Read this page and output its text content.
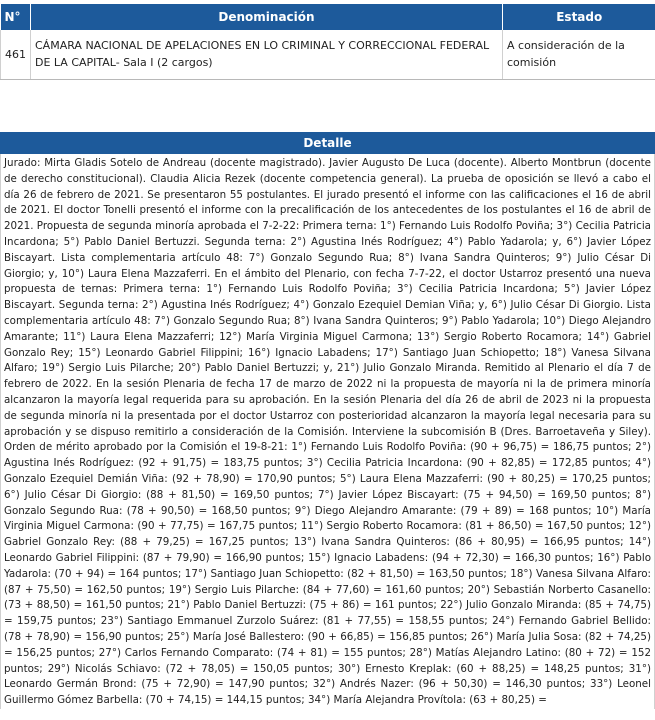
N°	Denominación	Estado
461	CÁMARA NACIONAL DE APELACIONES EN LO CRIMINAL Y CORRECCIONAL FEDERAL DE LA CAPITAL- Sala I (2 cargos)	A consideración de la comisión
Detalle
Jurado: Mirta Gladis Sotelo de Andreau (docente magistrado). Javier Augusto De Luca (docente). Alberto Montbrun (docente de derecho constitucional). Claudia Alicia Rezek (docente competencia general). La prueba de oposición se llevó a cabo el día 26 de febrero de 2021. Se presentaron 55 postulantes. El jurado presentó el informe con las calificaciones el 16 de abril de 2021. El doctor Tonelli presentó el informe con la precalificación de los antecedentes de los postulantes el 16 de abril de 2021. Propuesta de segunda minoría aprobada el 7-2-22: Primera terna: 1°) Fernando Luis Rodolfo Poviña; 3°) Cecilia Patricia Incardona; 5°) Pablo Daniel Bertuzzi. Segunda terna: 2°) Agustina Inés Rodríguez; 4°) Pablo Yadarola; y, 6°) Javier López Biscayart. Lista complementaria artículo 48: 7°) Gonzalo Segundo Rua; 8°) Ivana Sandra Quinteros; 9°) Julio César Di Giorgio; y, 10°) Laura Elena Mazzaferri. En el ámbito del Plenario, con fecha 7-7-22, el doctor Ustarroz presentó una nueva propuesta de ternas: Primera terna: 1°) Fernando Luis Rodolfo Poviña; 3°) Cecilia Patricia Incardona; 5°) Javier López Biscayart. Segunda terna: 2°) Agustina Inés Rodríguez; 4°) Gonzalo Ezequiel Demian Viña; y, 6°) Julio César Di Giorgio. Lista complementaria artículo 48: 7°) Gonzalo Segundo Rua; 8°) Ivana Sandra Quinteros; 9°) Pablo Yadarola; 10°) Diego Alejandro Amarante; 11°) Laura Elena Mazzaferri; 12°) María Virginia Miguel Carmona; 13°) Sergio Roberto Rocamora; 14°) Gabriel Gonzalo Rey; 15°) Leonardo Gabriel Filippini; 16°) Ignacio Labadens; 17°) Santiago Juan Schiopetto; 18°) Vanesa Silvana Alfaro; 19°) Sergio Luis Pilarche; 20°) Pablo Daniel Bertuzzi; y, 21°) Julio Gonzalo Miranda. Remitido al Plenario el día 7 de febrero de 2022. En la sesión Plenaria de fecha 17 de marzo de 2022 ni la propuesta de mayoría ni la de primera minoría alcanzaron la mayoría legal requerida para su aprobación. En la sesión Plenaria del día 26 de abril de 2023 ni la propuesta de segunda minoría ni la presentada por el doctor Ustarroz con posterioridad alcanzaron la mayoría legal necesaria para su aprobación y se dispuso remitirlo a consideración de la Comisión. Interviene la subcomisión B (Dres. Barroetaveña y Siley). Orden de mérito aprobado por la Comisión el 19-8-21: 1°) Fernando Luis Rodolfo Poviña: (90 + 96,75) = 186,75 puntos; 2°) Agustina Inés Rodríguez: (92 + 91,75) = 183,75 puntos; 3°) Cecilia Patricia Incardona: (90 + 82,85) = 172,85 puntos; 4°) Gonzalo Ezequiel Demián Viña: (92 + 78,90) = 170,90 puntos; 5°) Laura Elena Mazzaferri: (90 + 80,25) = 170,25 puntos; 6°) Julio César Di Giorgio: (88 + 81,50) = 169,50 puntos; 7°) Javier López Biscayart: (75 + 94,50) = 169,50 puntos; 8°) Gonzalo Segundo Rua: (78 + 90,50) = 168,50 puntos; 9°) Diego Alejandro Amarante: (79 + 89) = 168 puntos; 10°) María Virginia Miguel Carmona: (90 + 77,75) = 167,75 puntos; 11°) Sergio Roberto Rocamora: (81 + 86,50) = 167,50 puntos; 12°) Gabriel Gonzalo Rey: (88 + 79,25) = 167,25 puntos; 13°) Ivana Sandra Quinteros: (86 + 80,95) = 166,95 puntos; 14°) Leonardo Gabriel Filippini: (87 + 79,90) = 166,90 puntos; 15°) Ignacio Labadens: (94 + 72,30) = 166,30 puntos; 16°) Pablo Yadarola: (70 + 94) = 164 puntos; 17°) Santiago Juan Schiopetto: (82 + 81,50) = 163,50 puntos; 18°) Vanesa Silvana Alfaro: (87 + 75,50) = 162,50 puntos; 19°) Sergio Luis Pilarche: (84 + 77,60) = 161,60 puntos; 20°) Sebastián Norberto Casanello: (73 + 88,50) = 161,50 puntos; 21°) Pablo Daniel Bertuzzi: (75 + 86) = 161 puntos; 22°) Julio Gonzalo Miranda: (85 + 74,75) = 159,75 puntos; 23°) Santiago Emmanuel Zurzolo Suárez: (81 + 77,55) = 158,55 puntos; 24°) Fernando Gabriel Bellido: (78 + 78,90) = 156,90 puntos; 25°) María José Ballestero: (90 + 66,85) = 156,85 puntos; 26°) María Julia Sosa: (82 + 74,25) = 156,25 puntos; 27°) Carlos Fernando Comparato: (74 + 81) = 155 puntos; 28°) Matías Alejandro Latino: (80 + 72) = 152 puntos; 29°) Nicolás Schiavo: (72 + 78,05) = 150,05 puntos; 30°) Ernesto Kreplak: (60 + 88,25) = 148,25 puntos; 31°) Leonardo Germán Brond: (75 + 72,90) = 147,90 puntos; 32°) Andrés Nazer: (96 + 50,30) = 146,30 puntos; 33°) Leonel Guillermo Gómez Barbella: (70 + 74,15) = 144,15 puntos; 34°) María Alejandra Provítola: (63 + 80,25) =
